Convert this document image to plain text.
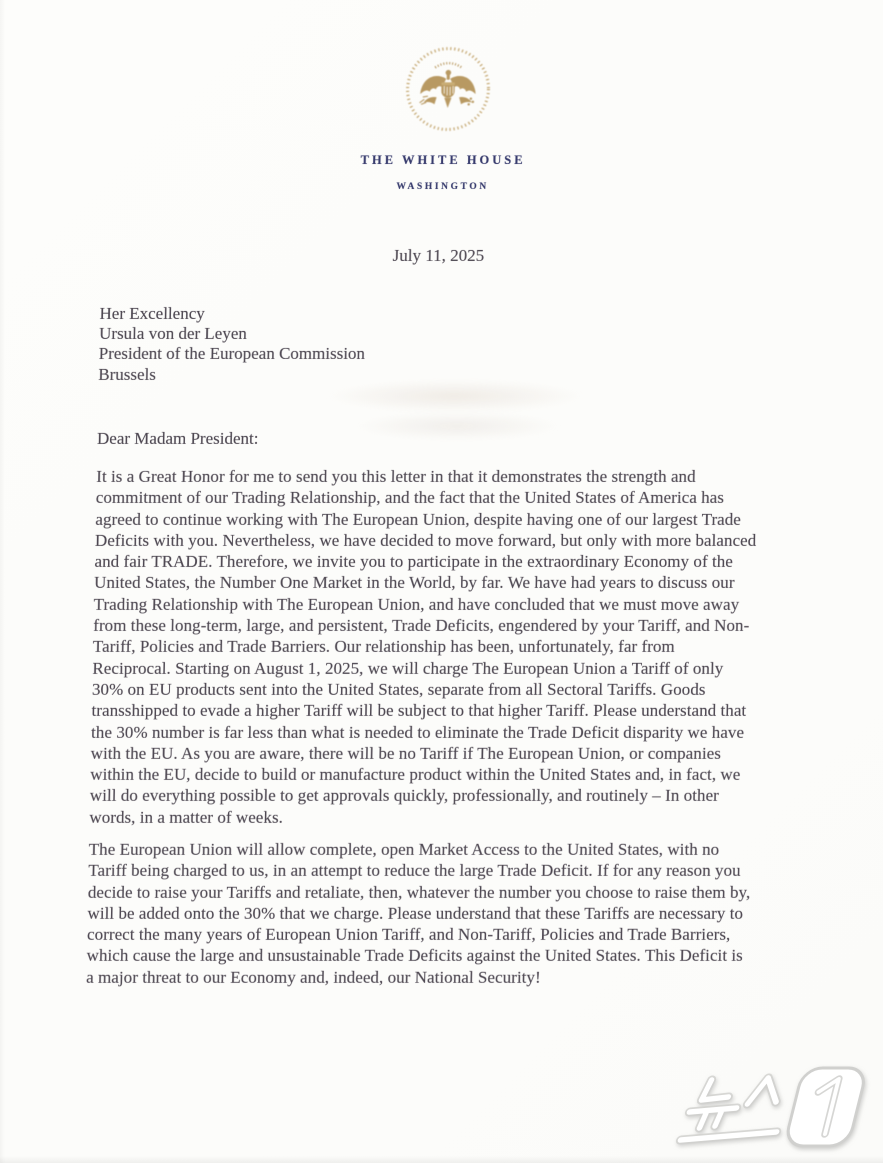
THE WHITE HOUSE
WASHINGTON
July 11, 2025
Her Excellency
Ursula von der Leyen
President of the European Commission
Brussels
Dear Madam President:

It is a Great Honor for me to send you this letter in that it demonstrates the strength and
commitment of our Trading Relationship, and the fact that the United States of America has
agreed to continue working with The European Union, despite having one of our largest Trade
Deficits with you. Nevertheless, we have decided to move forward, but only with more balanced
and fair TRADE. Therefore, we invite you to participate in the extraordinary Economy of the
United States, the Number One Market in the World, by far. We have had years to discuss our
Trading Relationship with The European Union, and have concluded that we must move away
from these long-term, large, and persistent, Trade Deficits, engendered by your Tariff, and Non-
Tariff, Policies and Trade Barriers. Our relationship has been, unfortunately, far from
Reciprocal. Starting on August 1, 2025, we will charge The European Union a Tariff of only
30% on EU products sent into the United States, separate from all Sectoral Tariffs. Goods
transshipped to evade a higher Tariff will be subject to that higher Tariff. Please understand that
the 30% number is far less than what is needed to eliminate the Trade Deficit disparity we have
with the EU. As you are aware, there will be no Tariff if The European Union, or companies
within the EU, decide to build or manufacture product within the United States and, in fact, we
will do everything possible to get approvals quickly, professionally, and routinely – In other
words, in a matter of weeks.

The European Union will allow complete, open Market Access to the United States, with no
Tariff being charged to us, in an attempt to reduce the large Trade Deficit. If for any reason you
decide to raise your Tariffs and retaliate, then, whatever the number you choose to raise them by,
will be added onto the 30% that we charge. Please understand that these Tariffs are necessary to
correct the many years of European Union Tariff, and Non-Tariff, Policies and Trade Barriers,
which cause the large and unsustainable Trade Deficits against the United States. This Deficit is
a major threat to our Economy and, indeed, our National Security!
